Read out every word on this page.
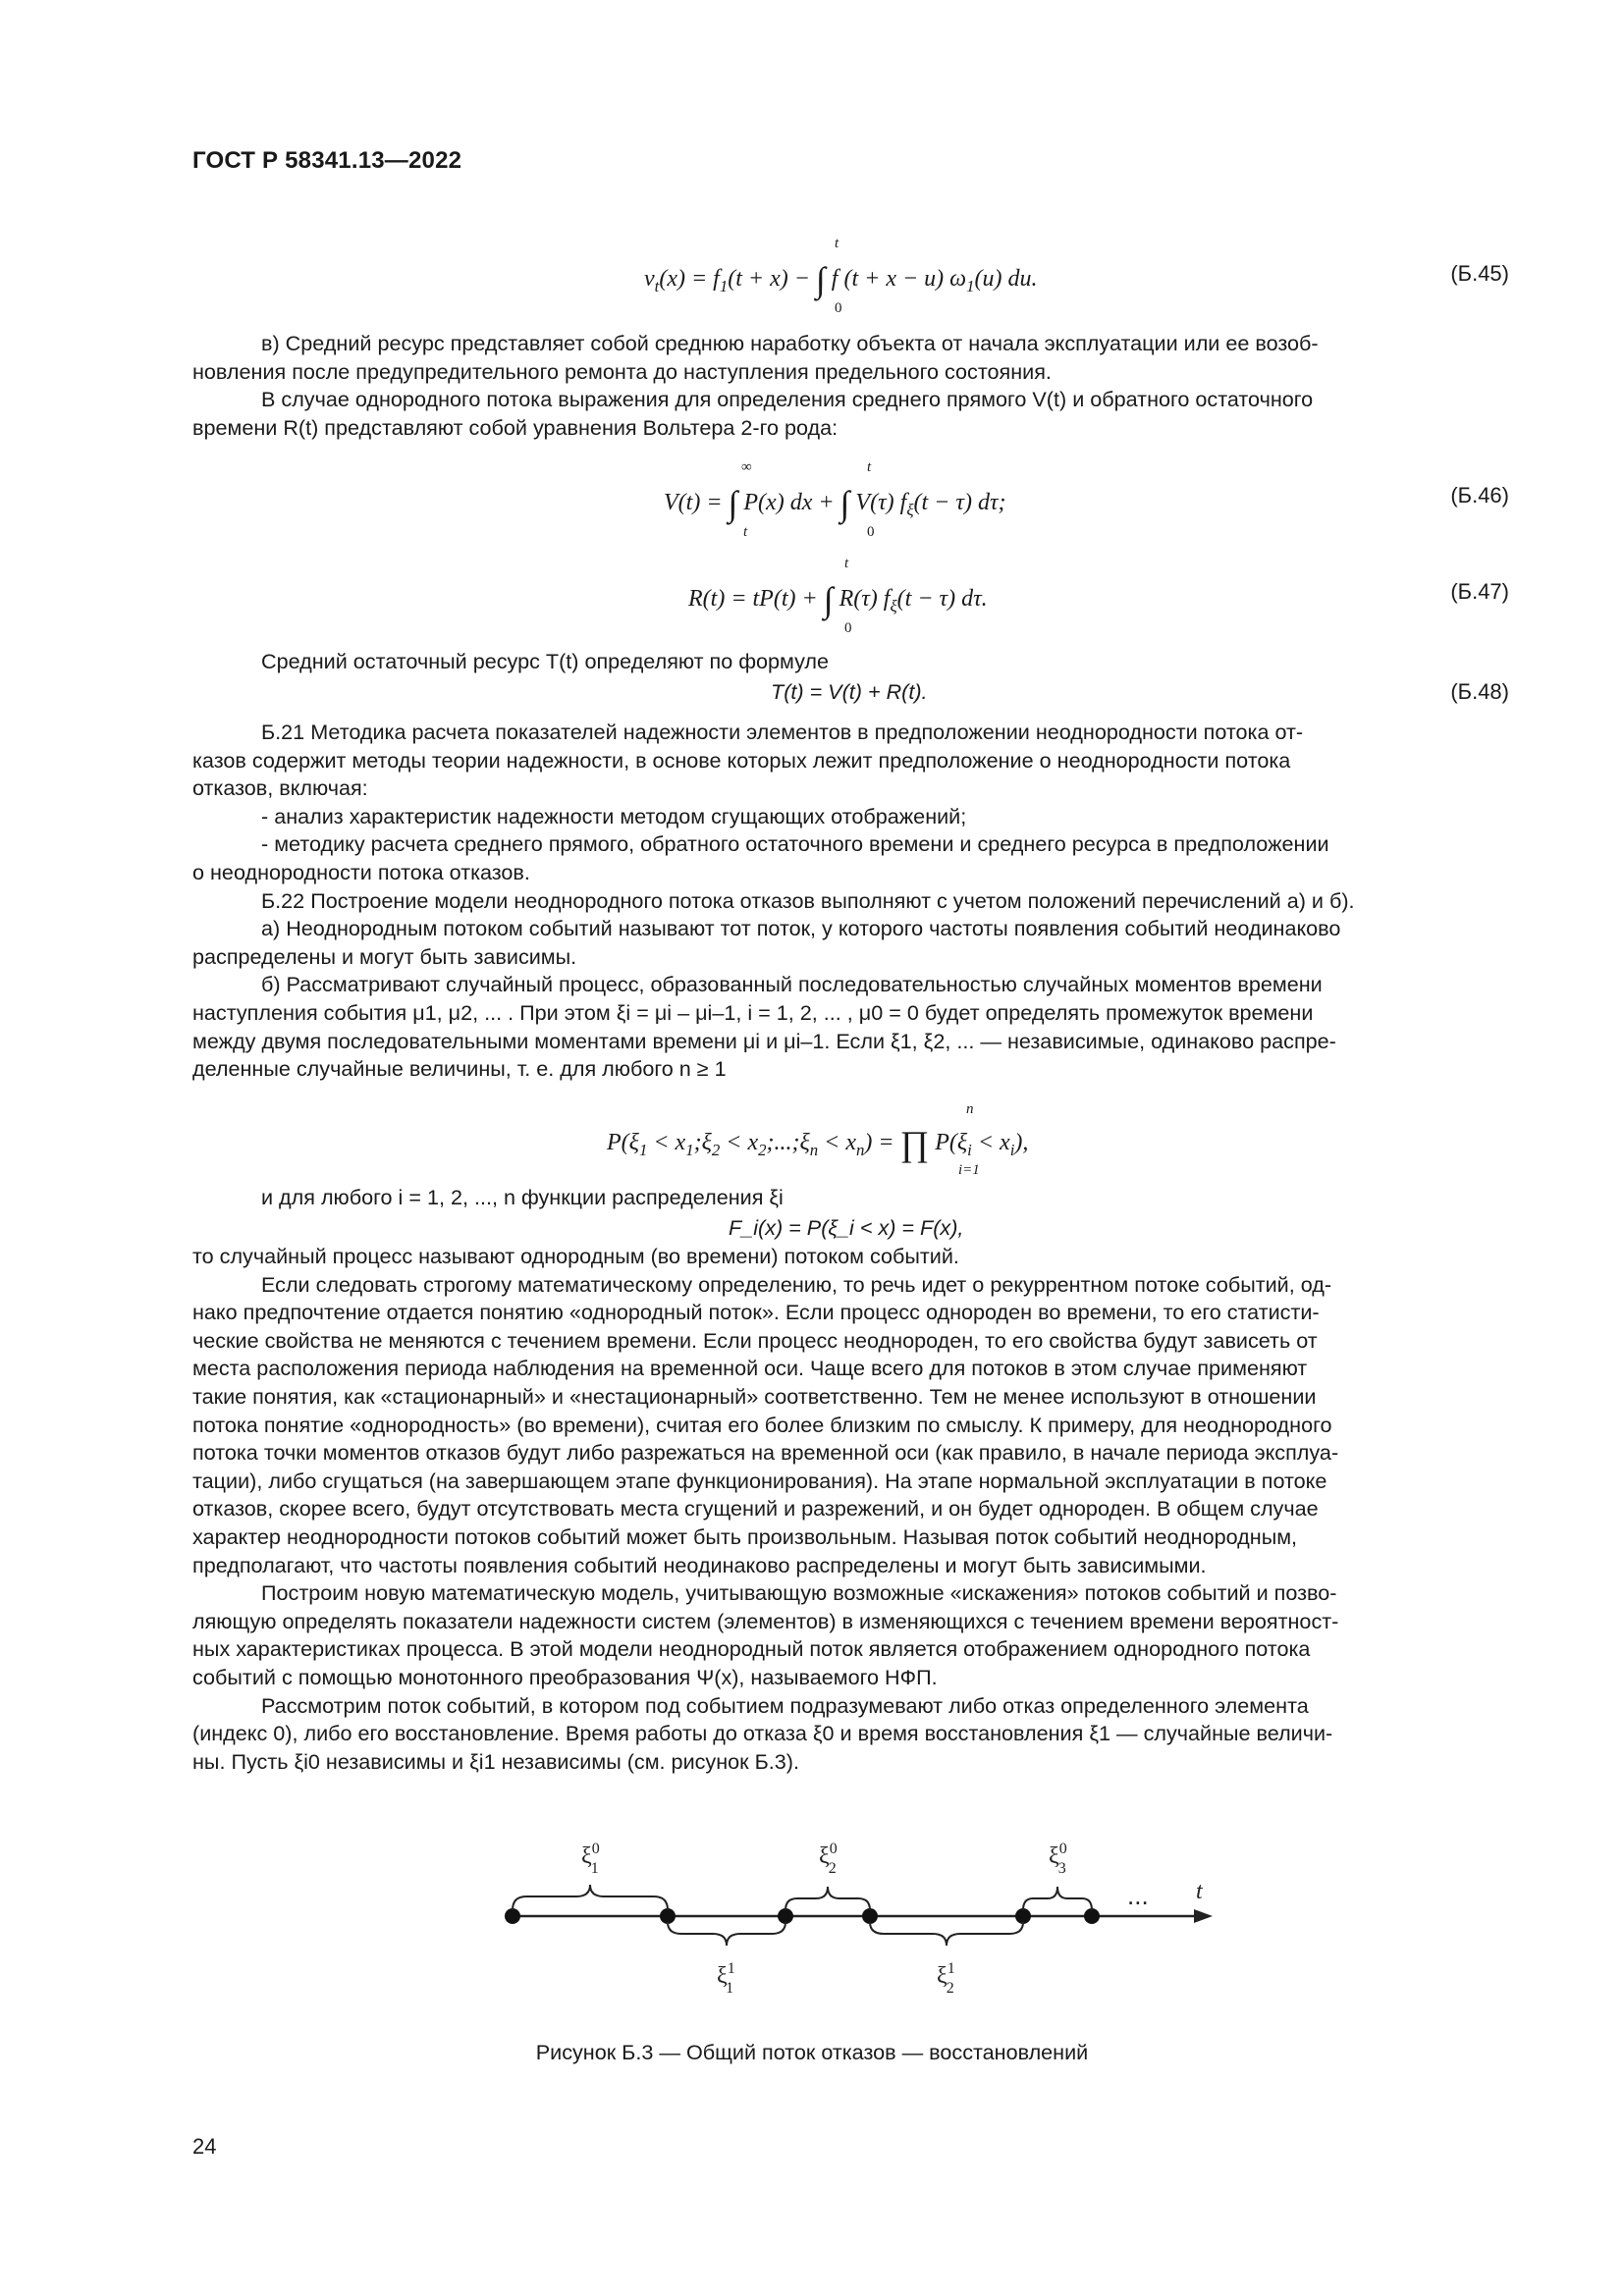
ГОСТ Р 58341.13—2022
t
$v_t(x) = f_1(t + x)$ − ∫ f (t + x − u) $\omega_1(u)$ du.
0
(Б.45)

в) Средний ресурс представляет собой среднюю наработку объекта от начала эксплуатации или ее возоб-
новления после предупредительного ремонта до наступления предельного состояния.

В случае однородного потока выражения для определения среднего прямого V(t) и обратного остаточного
времени R(t) представляют собой уравнения Вольтера 2-го рода:

∞	t
V(t) = ∫ P(x) dx + ∫ V(τ) $f_\xi(t - \tau)$ dτ;
t	0
(Б.46)
t
R(t) = tP(t) + ∫ R(τ) $f_\xi(t - \tau)$ dτ.
0
(Б.47)

Средний остаточный ресурс T(t) определяют по формуле

T(t) = V(t) + R(t).	(Б.48)

Б.21 Методика расчета показателей надежности элементов в предположении неоднородности потока от-
казов содержит методы теории надежности, в основе которых лежит предположение о неоднородности потока
отказов, включая:

- анализ характеристик надежности методом сгущающих отображений;

- методику расчета среднего прямого, обратного остаточного времени и среднего ресурса в предположении
о неоднородности потока отказов.

Б.22 Построение модели неоднородного потока отказов выполняют с учетом положений перечислений а) и б).

а) Неоднородным потоком событий называют тот поток, у которого частоты появления событий неодинаково
распределены и могут быть зависимы.

б) Рассматривают случайный процесс, образованный последовательностью случайных моментов времени
наступления события μ1, μ2, ... . При этом ξi = μi – μi–1, i = 1, 2, ... , μ0 = 0 будет определять промежуток времени
между двумя последовательными моментами времени μi и μi–1. Если ξ1, ξ2, ... — независимые, одинаково распре-
деленные случайные величины, т. е. для любого n ≥ 1

n
$P(\xi_1$ < $x_1;\xi_2$ < $x_2;...;\xi_n < x_n$) = ∏ $P(\xi_i < x_i)$,
i=1

и для любого i = 1, 2, ..., n функции распределения ξi

F_i(x) = P(ξ_i < x) = F(x),

то случайный процесс называют однородным (во времени) потоком событий.

Если следовать строгому математическому определению, то речь идет о рекуррентном потоке событий, од-
нако предпочтение отдается понятию «однородный поток». Если процесс однороден во времени, то его статисти-
ческие свойства не меняются с течением времени. Если процесс неоднороден, то его свойства будут зависеть от
места расположения периода наблюдения на временной оси. Чаще всего для потоков в этом случае применяют
такие понятия, как «стационарный» и «нестационарный» соответственно. Тем не менее используют в отношении
потока понятие «однородность» (во времени), считая его более близким по смыслу. К примеру, для неоднородного
потока точки моментов отказов будут либо разрежаться на временной оси (как правило, в начале периода эксплуа-
тации), либо сгущаться (на завершающем этапе функционирования). На этапе нормальной эксплуатации в потоке
отказов, скорее всего, будут отсутствовать места сгущений и разрежений, и он будет однороден. В общем случае
характер неоднородности потоков событий может быть произвольным. Называя поток событий неоднородным,
предполагают, что частоты появления событий неодинаково распределены и могут быть зависимыми.

Построим новую математическую модель, учитывающую возможные «искажения» потоков событий и позво-
ляющую определять показатели надежности систем (элементов) в изменяющихся с течением времени вероятност-
ных характеристиках процесса. В этой модели неоднородный поток является отображением однородного потока
событий с помощью монотонного преобразования Ψ(x), называемого НФП.

Рассмотрим поток событий, в котором под событием подразумевают либо отказ определенного элемента
(индекс 0), либо его восстановление. Время работы до отказа ξ0 и время восстановления ξ1 — случайные величи-
ны. Пусть ξi0 независимы и ξi1 независимы (см. рисунок Б.3).

$\xi^0$ 1	$\xi^0$ 2	$\xi^0$ 3
$\xi^1$ 1	$\xi^1$ 2
... t
Рисунок Б.3 — Общий поток отказов — восстановлений
24
